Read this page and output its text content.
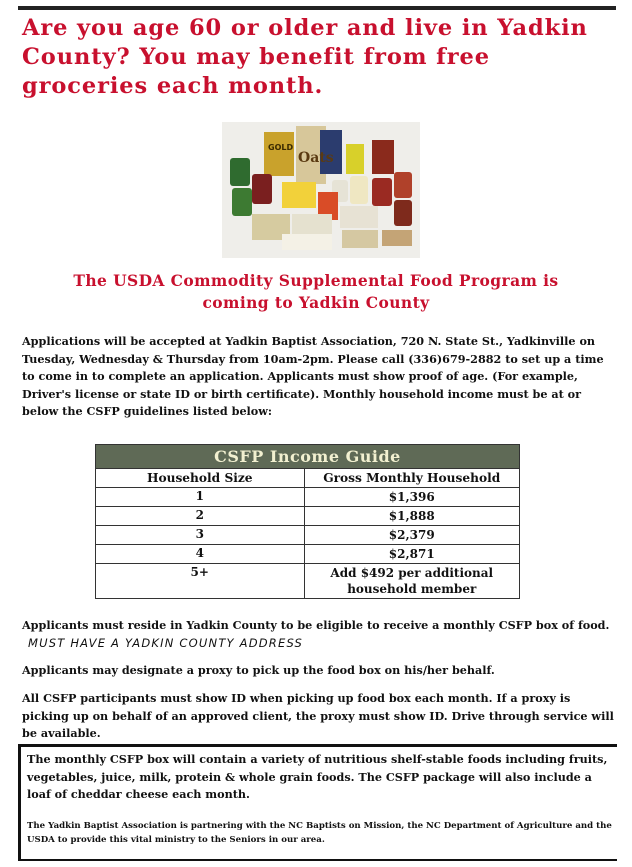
Are you age 60 or older and live in Yadkin County? You may benefit from free groceries each month.
GOLD
Oats
The USDA Commodity Supplemental Food Program is
coming to Yadkin County
Applications will be accepted at Yadkin Baptist Association, 720 N. State St., Yadkinville on Tuesday, Wednesday & Thursday from 10am-2pm. Please call (336)679-2882 to set up a time to come in to complete an application. Applicants must show proof of age. (For example, Driver's license or state ID or birth certificate). Monthly household income must be at or below the CSFP guidelines listed below:
CSFP Income Guide
Household Size	Gross Monthly Household
1	$1,396
2	$1,888
3	$2,379
4	$2,871
5+	Add $492 per additional
household member
Applicants must reside in Yadkin County to be eligible to receive a monthly CSFP box of food. MUST HAVE A YADKIN COUNTY ADDRESS
Applicants may designate a proxy to pick up the food box on his/her behalf.
All CSFP participants must show ID when picking up food box each month. If a proxy is picking up on behalf of an approved client, the proxy must show ID. Drive through service will be available.
The monthly CSFP box will contain a variety of nutritious shelf-stable foods including fruits, vegetables, juice, milk, protein & whole grain foods. The CSFP package will also include a loaf of cheddar cheese each month.
The Yadkin Baptist Association is partnering with the NC Baptists on Mission, the NC Department of Agriculture and the USDA to provide this vital ministry to the Seniors in our area.
